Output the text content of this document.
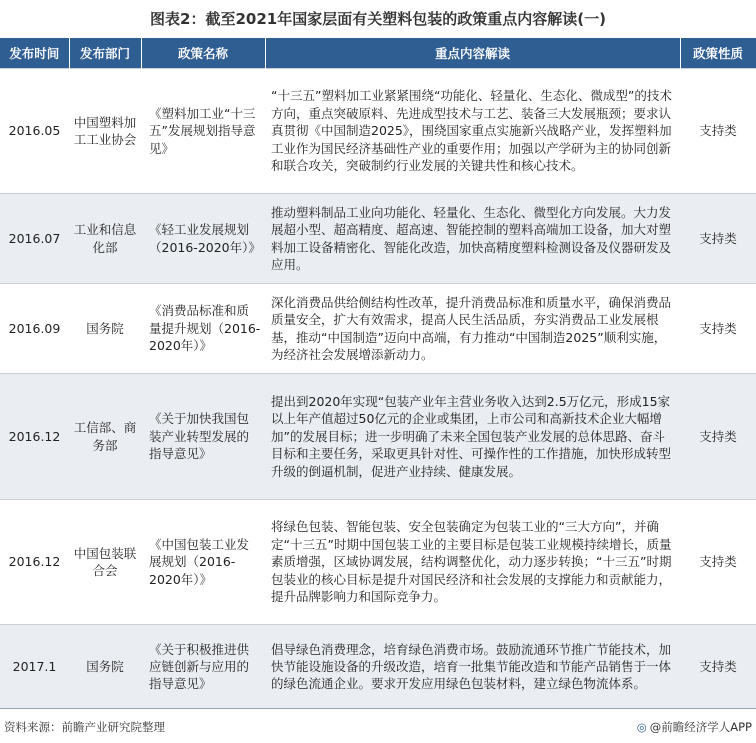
图表2：截至2021年国家层面有关塑料包装的政策重点内容解读(一)
发布时间	发布部门	政策名称	重点内容解读	政策性质
2016.05	中国塑料加工工业协会	《塑料加工业“十三五”发展规划指导意见》	“十三五”塑料加工业紧紧围绕“功能化、轻量化、生态化、微成型”的技术方向，重点突破原料、先进成型技术与工艺、装备三大发展瓶颈；要求认真贯彻《中国制造2025》，围绕国家重点实施新兴战略产业，发挥塑料加工业作为国民经济基础性产业的重要作用；加强以产学研为主的协同创新和联合攻关，突破制约行业发展的关键共性和核心技术。	支持类
2016.07	工业和信息化部	《轻工业发展规划（2016-2020年）》	推动塑料制品工业向功能化、轻量化、生态化、微型化方向发展。大力发展超小型、超高精度、超高速、智能控制的塑料高端加工设备，加大对塑料加工设备精密化、智能化改造，加快高精度塑料检测设备及仪器研发及应用。	支持类
2016.09	国务院	《消费品标准和质量提升规划（2016-2020年）》	深化消费品供给侧结构性改革，提升消费品标准和质量水平，确保消费品质量安全，扩大有效需求，提高人民生活品质，夯实消费品工业发展根基，推动“中国制造”迈向中高端，有力推动“中国制造2025”顺利实施，为经济社会发展增添新动力。	支持类
2016.12	工信部、商务部	《关于加快我国包装产业转型发展的指导意见》	提出到2020年实现“包装产业年主营业务收入达到2.5万亿元，形成15家以上年产值超过50亿元的企业或集团，上市公司和高新技术企业大幅增加”的发展目标；进一步明确了未来全国包装产业发展的总体思路、奋斗目标和主要任务，采取更具针对性、可操作性的工作措施，加快形成转型升级的倒逼机制，促进产业持续、健康发展。	支持类
2016.12	中国包装联合会	《中国包装工业发展规划（2016-2020年）》	将绿色包装、智能包装、安全包装确定为包装工业的“三大方向”，并确定“十三五”时期中国包装工业的主要目标是包装工业规模持续增长，质量素质增强，区域协调发展，结构调整优化，动力逐步转换；“十三五”时期包装业的核心目标是提升对国民经济和社会发展的支撑能力和贡献能力，提升品牌影响力和国际竞争力。	支持类
2017.1	国务院	《关于积极推进供应链创新与应用的指导意见》	倡导绿色消费理念，培育绿色消费市场。鼓励流通环节推广节能技术，加快节能设施设备的升级改造，培育一批集节能改造和节能产品销售于一体的绿色流通企业。要求开发应用绿色包装材料，建立绿色物流体系。	支持类
资料来源：前瞻产业研究院整理	◎ @前瞻经济学人APP
